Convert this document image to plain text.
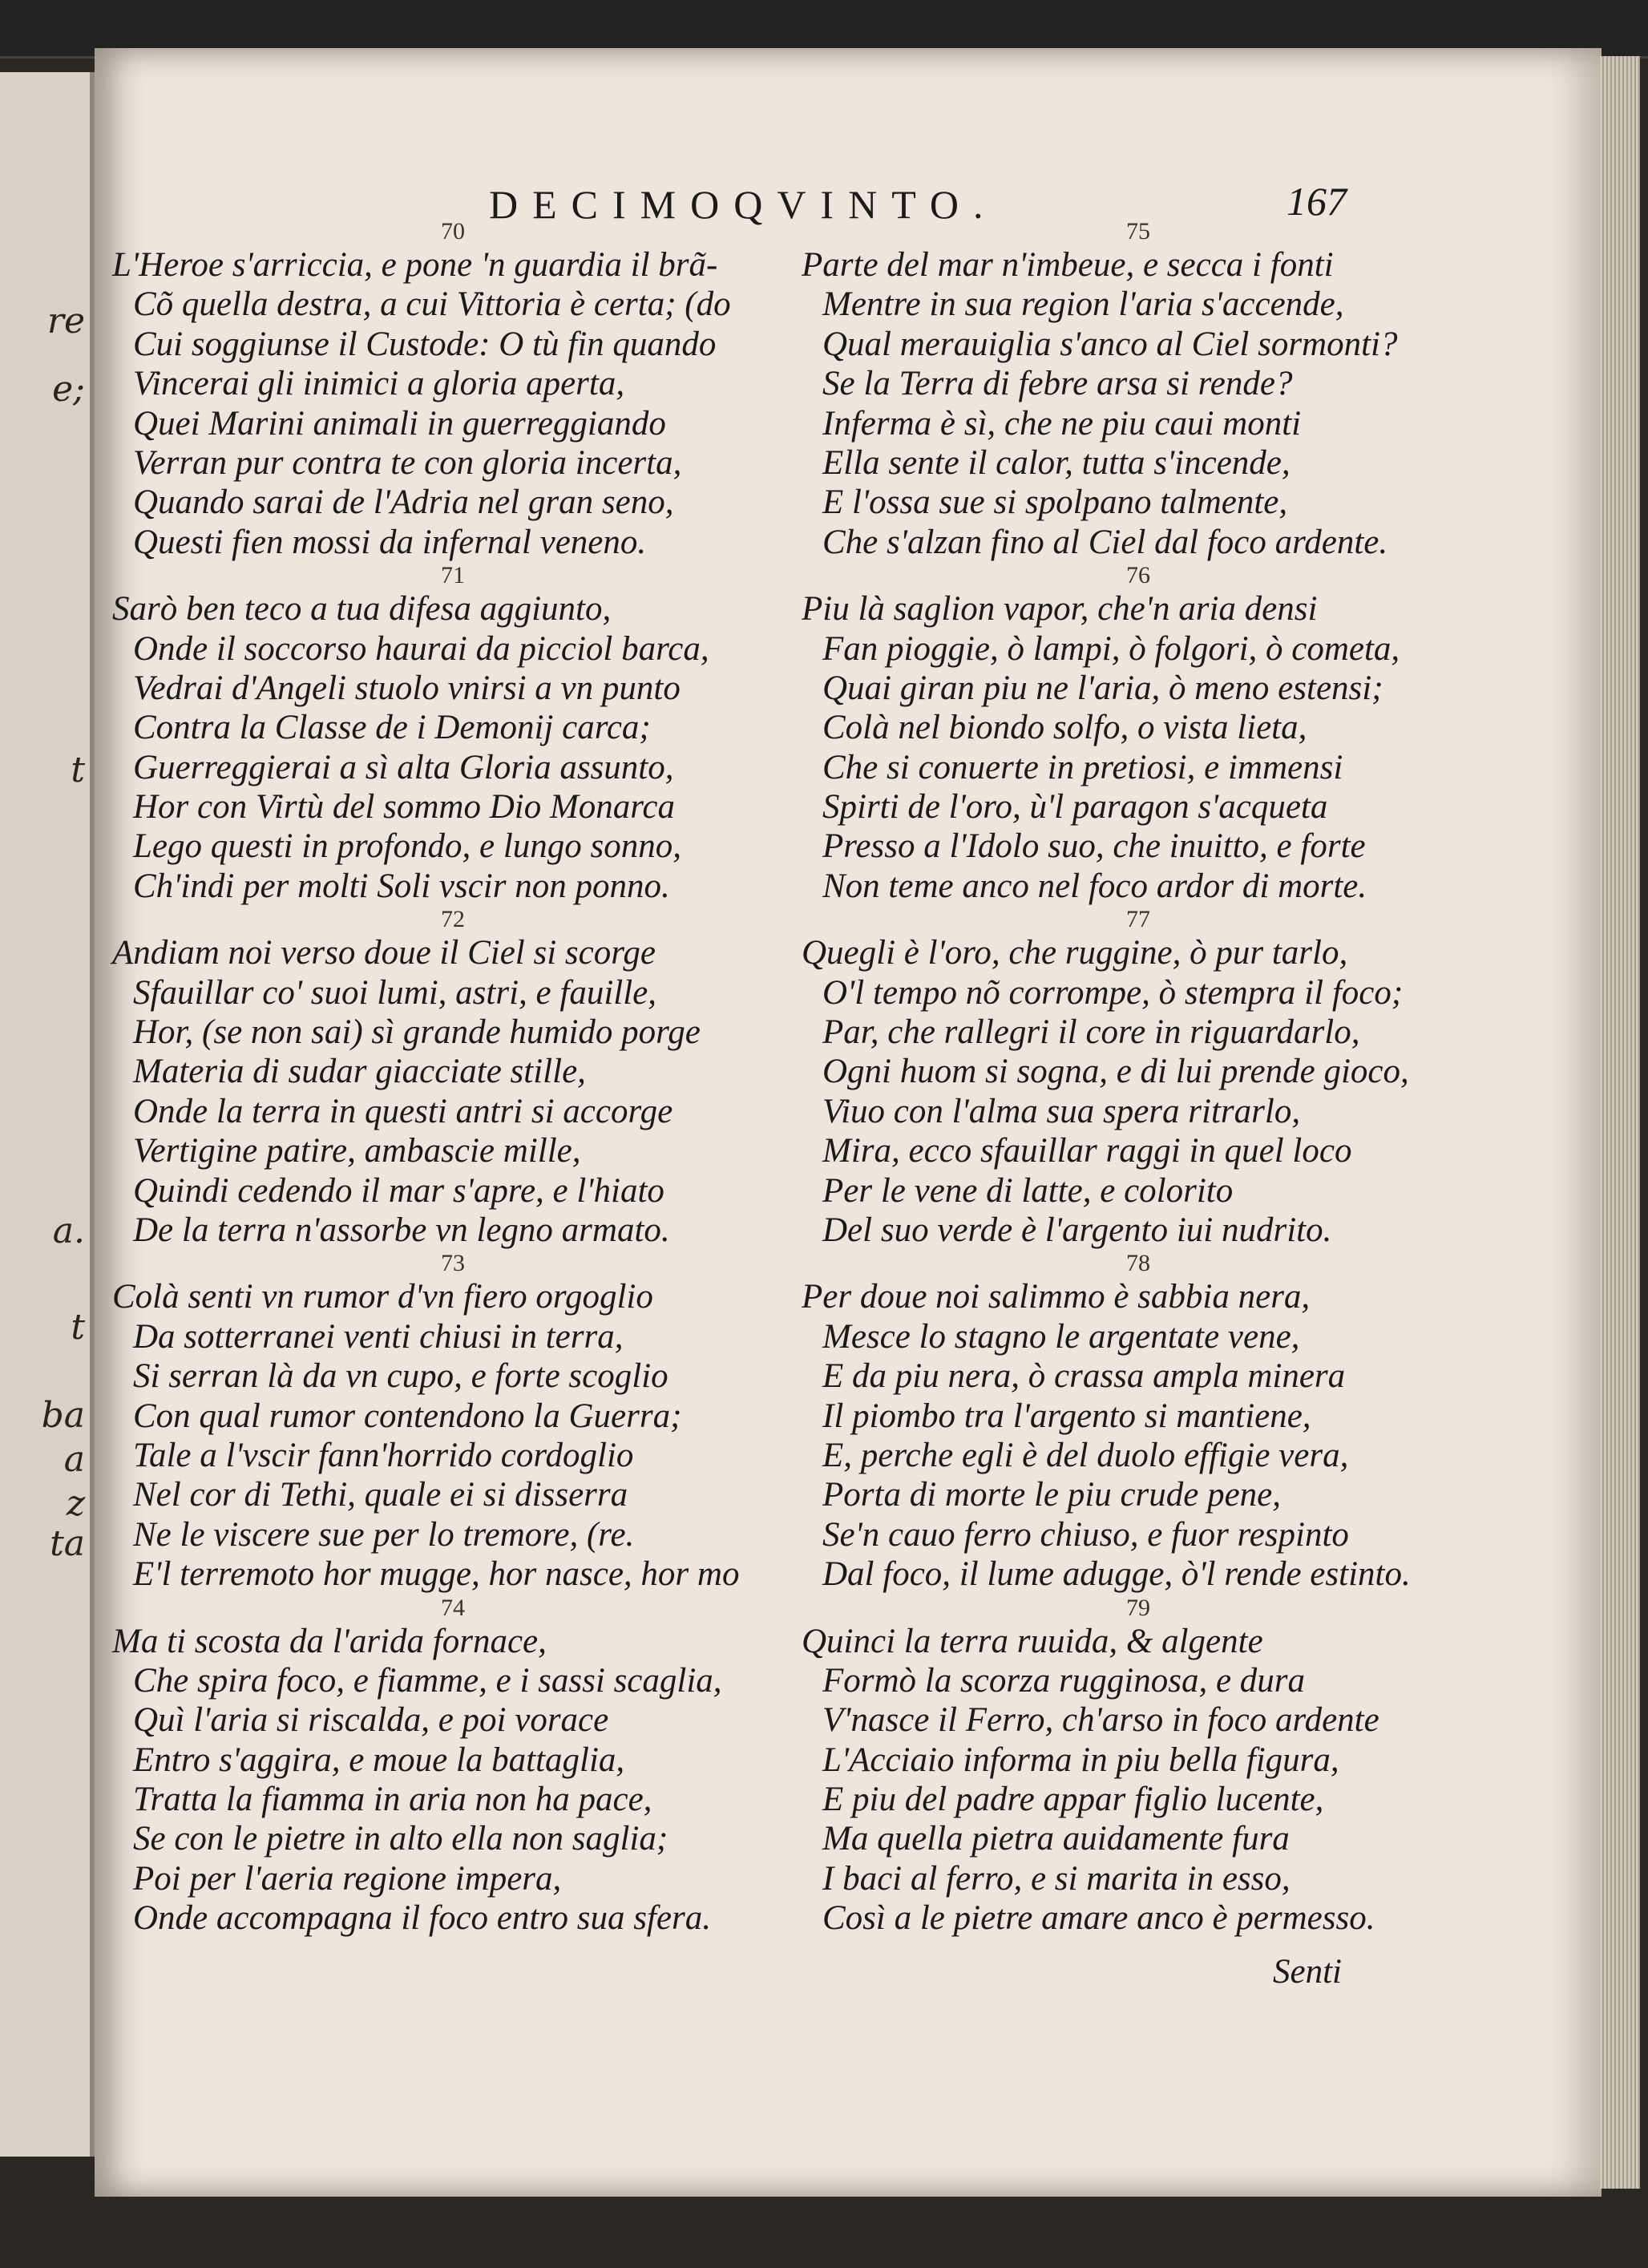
re
e;
t
a.
t
ba
a
z
ta
DECIMOQVINTO.	167
70
L'Heroe s'arriccia, e pone 'n guardia il brã-
Cõ quella destra, a cui Vittoria è certa; (do
Cui soggiunse il Custode: O tù fin quando
Vincerai gli inimici a gloria aperta,
Quei Marini animali in guerreggiando
Verran pur contra te con gloria incerta,
Quando sarai de l'Adria nel gran seno,
Questi fien mossi da infernal veneno.
71
Sarò ben teco a tua difesa aggiunto,
Onde il soccorso haurai da picciol barca,
Vedrai d'Angeli stuolo vnirsi a vn punto
Contra la Classe de i Demonij carca;
Guerreggierai a sì alta Gloria assunto,
Hor con Virtù del sommo Dio Monarca
Lego questi in profondo, e lungo sonno,
Ch'indi per molti Soli vscir non ponno.
72
Andiam noi verso doue il Ciel si scorge
Sfauillar co' suoi lumi, astri, e fauille,
Hor, (se non sai) sì grande humido porge
Materia di sudar giacciate stille,
Onde la terra in questi antri si accorge
Vertigine patire, ambascie mille,
Quindi cedendo il mar s'apre, e l'hiato
De la terra n'assorbe vn legno armato.
73
Colà senti vn rumor d'vn fiero orgoglio
Da sotterranei venti chiusi in terra,
Si serran là da vn cupo, e forte scoglio
Con qual rumor contendono la Guerra;
Tale a l'vscir fann'horrido cordoglio
Nel cor di Tethi, quale ei si disserra
Ne le viscere sue per lo tremore, (re.
E'l terremoto hor mugge, hor nasce, hor mo
74
Ma ti scosta da l'arida fornace,
Che spira foco, e fiamme, e i sassi scaglia,
Quì l'aria si riscalda, e poi vorace
Entro s'aggira, e moue la battaglia,
Tratta la fiamma in aria non ha pace,
Se con le pietre in alto ella non saglia;
Poi per l'aeria regione impera,
Onde accompagna il foco entro sua sfera.
75
Parte del mar n'imbeue, e secca i fonti
Mentre in sua region l'aria s'accende,
Qual merauiglia s'anco al Ciel sormonti?
Se la Terra di febre arsa si rende?
Inferma è sì, che ne piu caui monti
Ella sente il calor, tutta s'incende,
E l'ossa sue si spolpano talmente,
Che s'alzan fino al Ciel dal foco ardente.
76
Piu là saglion vapor, che'n aria densi
Fan pioggie, ò lampi, ò folgori, ò cometa,
Quai giran piu ne l'aria, ò meno estensi;
Colà nel biondo solfo, o vista lieta,
Che si conuerte in pretiosi, e immensi
Spirti de l'oro, ù'l paragon s'acqueta
Presso a l'Idolo suo, che inuitto, e forte
Non teme anco nel foco ardor di morte.
77
Quegli è l'oro, che ruggine, ò pur tarlo,
O'l tempo nõ corrompe, ò stempra il foco;
Par, che rallegri il core in riguardarlo,
Ogni huom si sogna, e di lui prende gioco,
Viuo con l'alma sua spera ritrarlo,
Mira, ecco sfauillar raggi in quel loco
Per le vene di latte, e colorito
Del suo verde è l'argento iui nudrito.
78
Per doue noi salimmo è sabbia nera,
Mesce lo stagno le argentate vene,
E da piu nera, ò crassa ampla minera
Il piombo tra l'argento si mantiene,
E, perche egli è del duolo effigie vera,
Porta di morte le piu crude pene,
Se'n cauo ferro chiuso, e fuor respinto
Dal foco, il lume adugge, ò'l rende estinto.
79
Quinci la terra ruuida, & algente
Formò la scorza rugginosa, e dura
V'nasce il Ferro, ch'arso in foco ardente
L'Acciaio informa in piu bella figura,
E piu del padre appar figlio lucente,
Ma quella pietra auidamente fura
I baci al ferro, e si marita in esso,
Così a le pietre amare anco è permesso.
Senti
